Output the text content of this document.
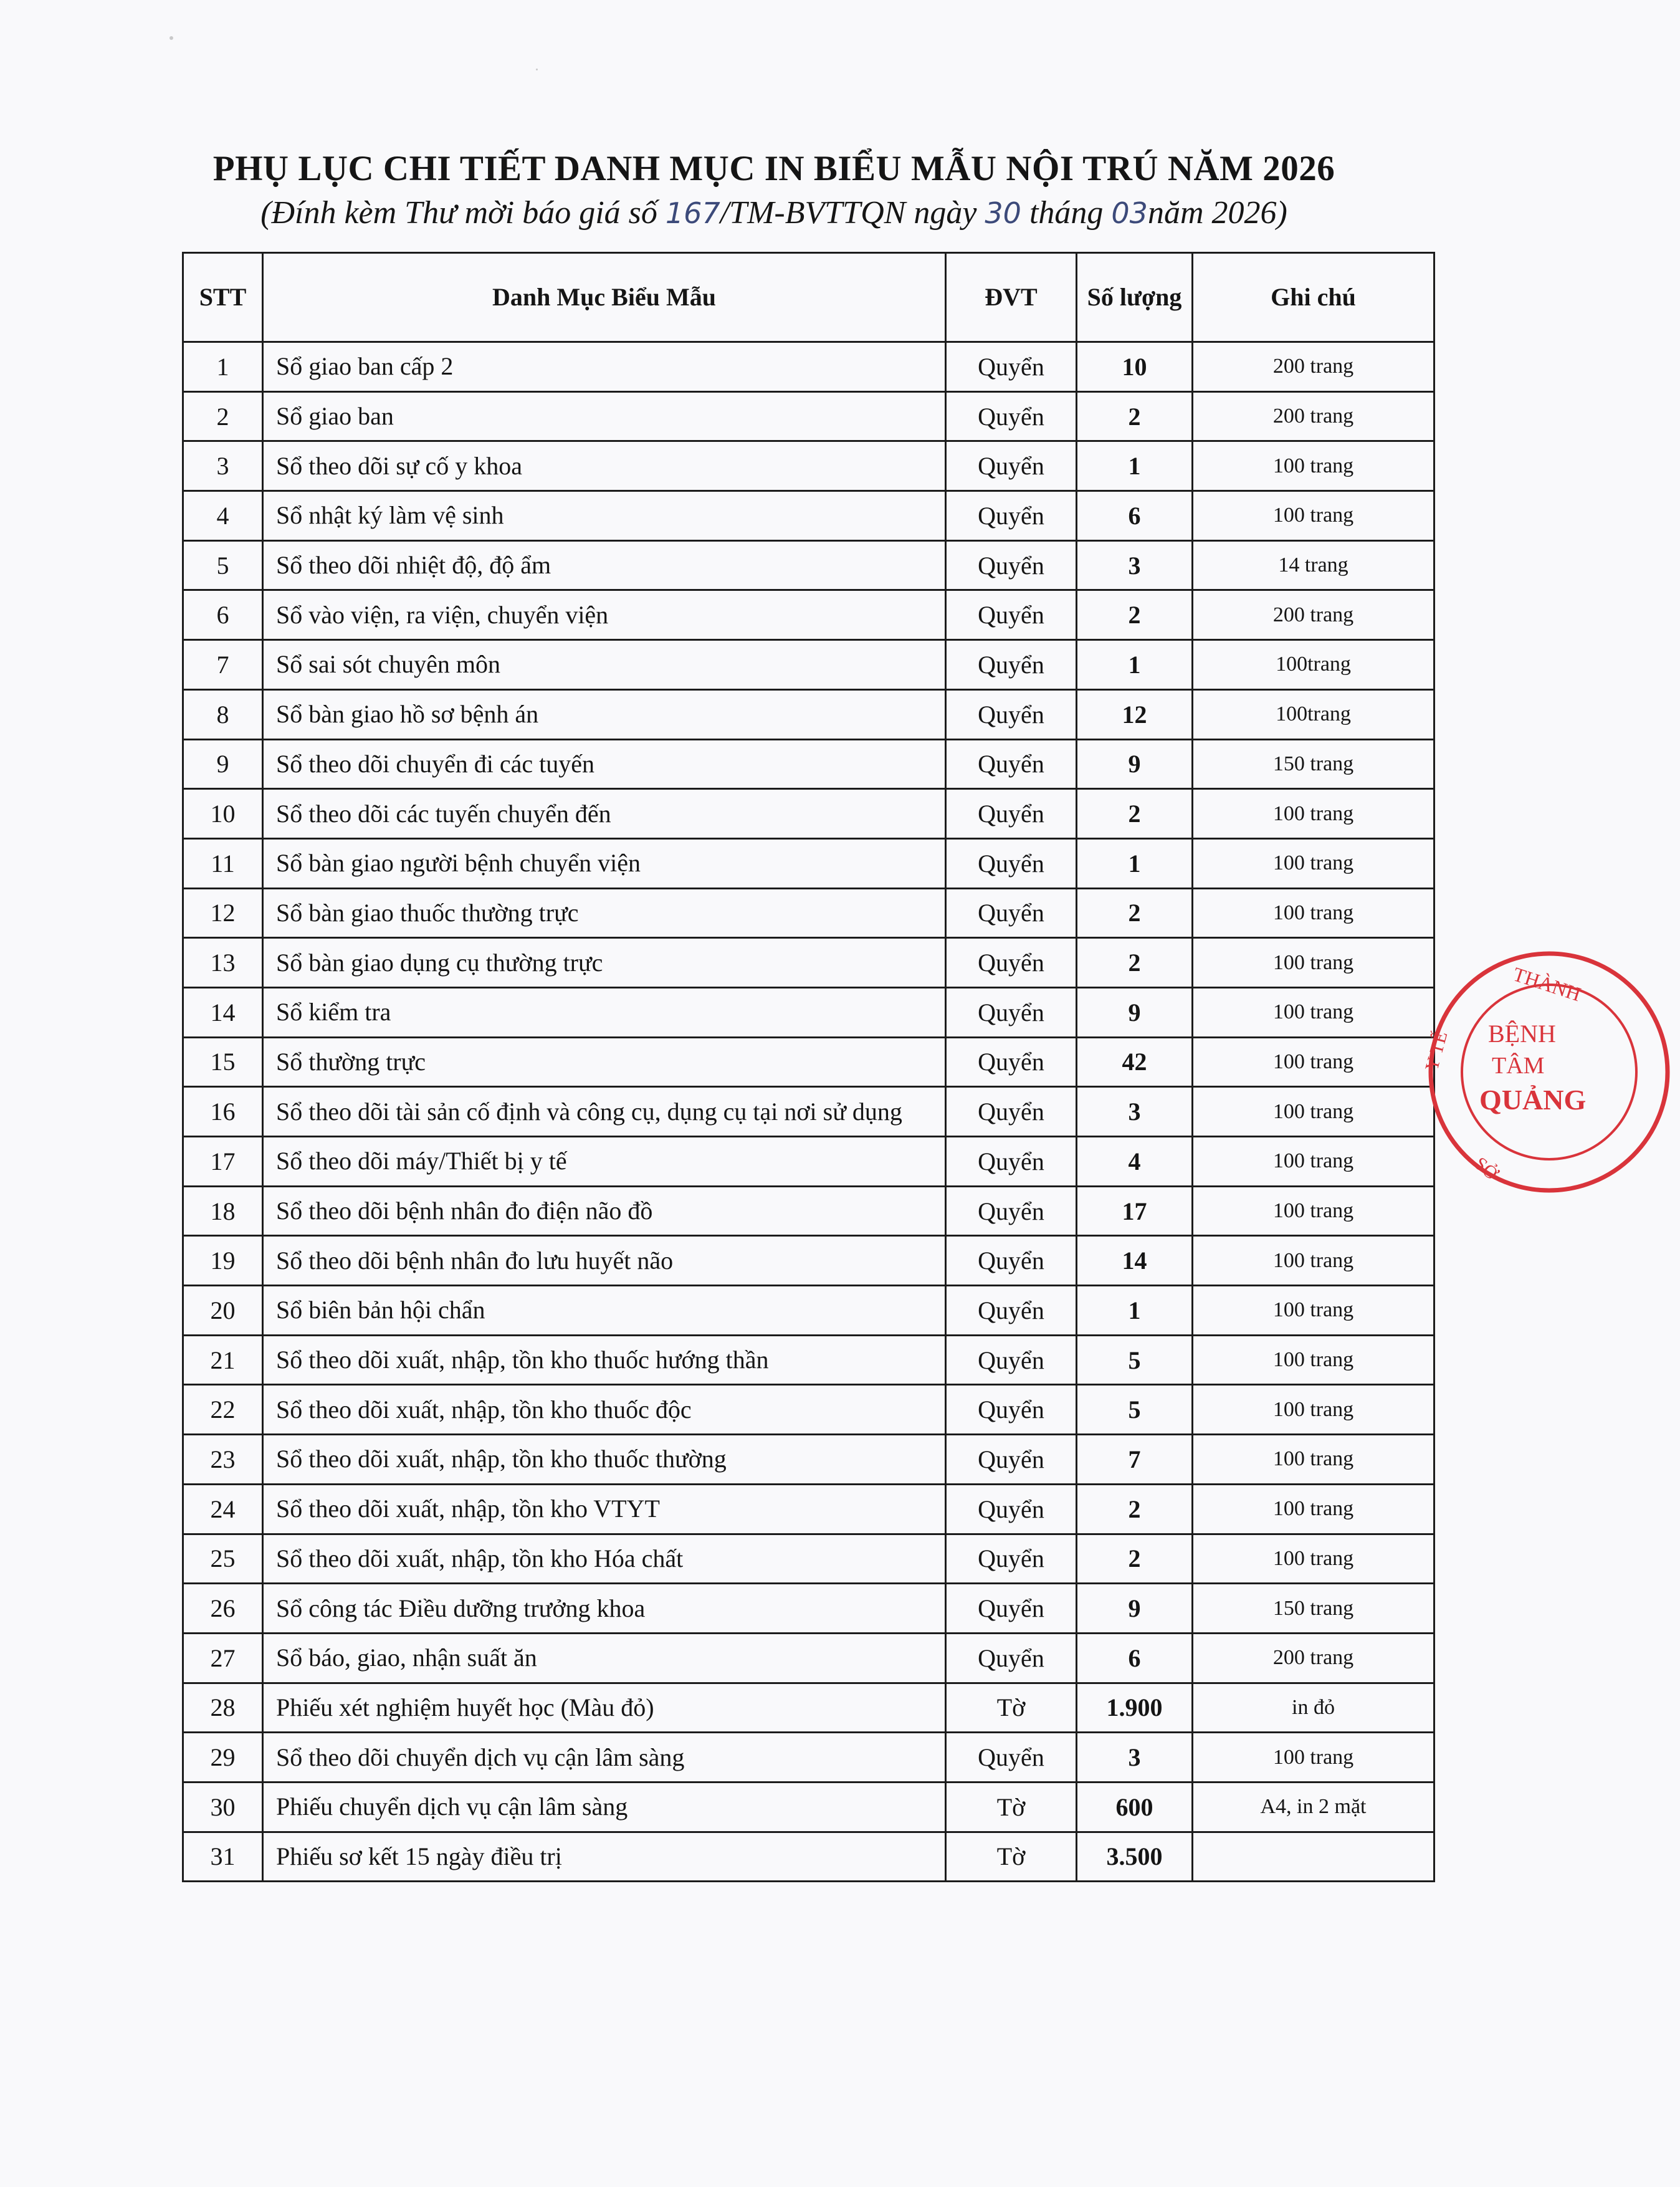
PHỤ LỤC CHI TIẾT DANH MỤC IN BIỂU MẪU NỘI TRÚ NĂM 2026
(Đính kèm Thư mời báo giá số 167/TM-BVTTQN ngày 30 tháng 03năm 2026)
STT	Danh Mục Biểu Mẫu	ĐVT	Số lượng	Ghi chú
1	Sổ giao ban cấp 2	Quyển	10	200 trang
2	Sổ giao ban	Quyển	2	200 trang
3	Sổ theo dõi sự cố y khoa	Quyển	1	100 trang
4	Sổ nhật ký làm vệ sinh	Quyển	6	100 trang
5	Sổ theo dõi nhiệt độ, độ ẩm	Quyển	3	14 trang
6	Sổ vào viện, ra viện, chuyển viện	Quyển	2	200 trang
7	Sổ sai sót chuyên môn	Quyển	1	100trang
8	Sổ bàn giao hồ sơ bệnh án	Quyển	12	100trang
9	Sổ theo dõi chuyển đi các tuyến	Quyển	9	150 trang
10	Sổ theo dõi các tuyến chuyển đến	Quyển	2	100 trang
11	Sổ bàn giao người bệnh chuyển viện	Quyển	1	100 trang
12	Sổ bàn giao thuốc thường trực	Quyển	2	100 trang
13	Sổ bàn giao dụng cụ thường trực	Quyển	2	100 trang
14	Sổ kiểm tra	Quyển	9	100 trang
15	Sổ thường trực	Quyển	42	100 trang
16	Sổ theo dõi tài sản cố định và công cụ, dụng cụ tại nơi sử dụng	Quyển	3	100 trang
17	Sổ theo dõi máy/Thiết bị y tế	Quyển	4	100 trang
18	Sổ theo dõi bệnh nhân đo điện não đồ	Quyển	17	100 trang
19	Sổ theo dõi bệnh nhân đo lưu huyết não	Quyển	14	100 trang
20	Sổ biên bản hội chẩn	Quyển	1	100 trang
21	Sổ theo dõi xuất, nhập, tồn kho thuốc hướng thần	Quyển	5	100 trang
22	Sổ theo dõi xuất, nhập, tồn kho thuốc độc	Quyển	5	100 trang
23	Sổ theo dõi xuất, nhập, tồn kho thuốc thường	Quyển	7	100 trang
24	Sổ theo dõi xuất, nhập, tồn kho VTYT	Quyển	2	100 trang
25	Sổ theo dõi xuất, nhập, tồn kho Hóa chất	Quyển	2	100 trang
26	Sổ công tác Điều dưỡng trưởng khoa	Quyển	9	150 trang
27	Sổ báo, giao, nhận suất ăn	Quyển	6	200 trang
28	Phiếu xét nghiệm huyết học (Màu đỏ)	Tờ	1.900	in đỏ
29	Sổ theo dõi chuyển dịch vụ cận lâm sàng	Quyển	3	100 trang
30	Phiếu chuyển dịch vụ cận lâm sàng	Tờ	600	A4, in 2 mặt
31	Phiếu sơ kết 15 ngày điều trị	Tờ	3.500	
THÀNH
Y TẾ
SỞ
BỆNH
TÂM
QUẢNG
